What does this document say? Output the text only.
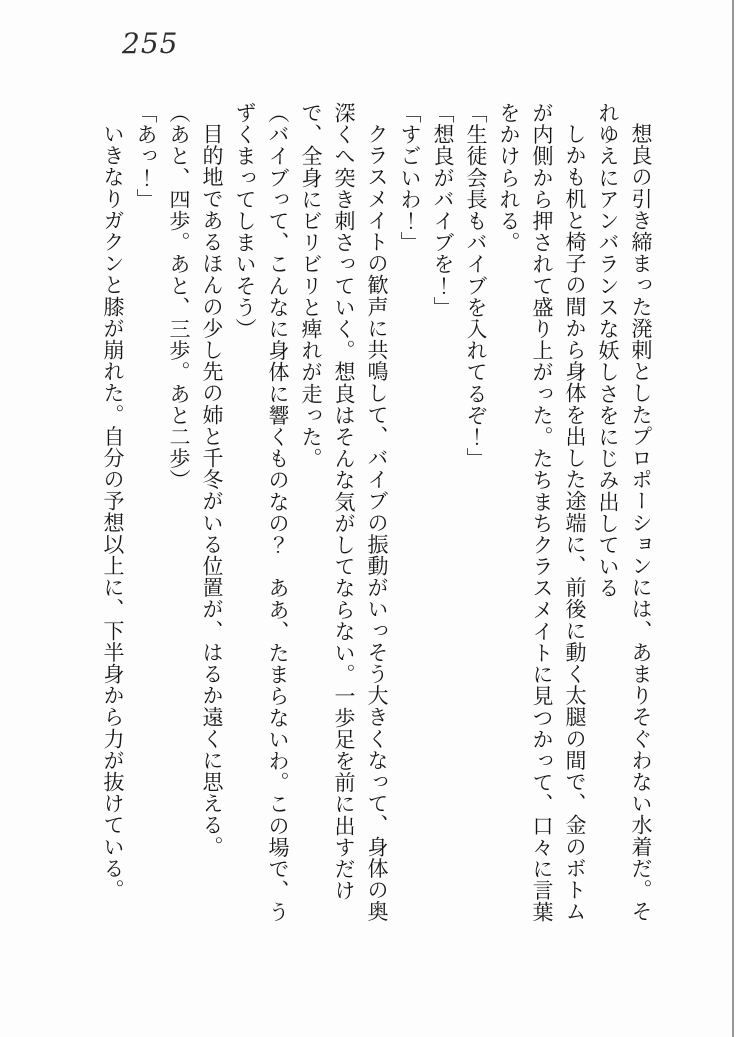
255

想良の引き締まった溌剌としたプロポーションには、あまりそぐわない水着だ。それゆえにアンバランスな妖しさをにじみ出している

しかも机と椅子の間から身体を出した途端に、前後に動く太腿の間で、金のボトムが内側から押されて盛り上がった。たちまちクラスメイトに見つかって、口々に言葉をかけられる。

「生徒会長もバイブを入れてるぞ！」

「想良がバイブを！」

「すごいわ！」

クラスメイトの歓声に共鳴して、バイブの振動がいっそう大きくなって、身体の奥深くへ突き刺さっていく。想良はそんな気がしてならない。一歩足を前に出すだけで、全身にビリビリと痺れが走った。

（バイブって、こんなに身体に響くものなの？　ああ、たまらないわ。この場で、うずくまってしまいそう）

目的地であるほんの少し先の姉と千冬がいる位置が、はるか遠くに思える。

（あと、四歩。あと、三歩。あと二歩）

「あっ！」

いきなりガクンと膝が崩れた。自分の予想以上に、下半身から力が抜けている。
